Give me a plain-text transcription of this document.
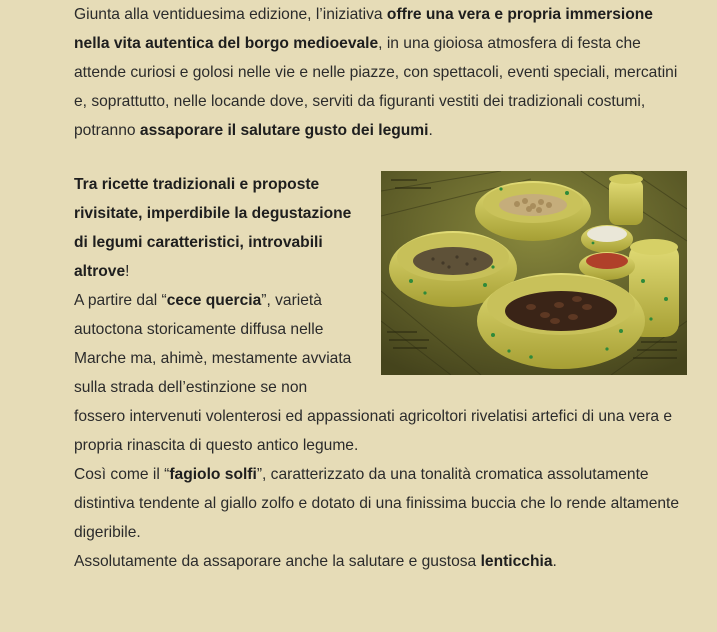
Giunta alla ventiduesima edizione, l’iniziativa offre una vera e propria immersione nella vita autentica del borgo medioevale, in una gioiosa atmosfera di festa che attende curiosi e golosi nelle vie e nelle piazze, con spettacoli, eventi speciali, mercatini e, soprattutto, nelle locande dove, serviti da figuranti vestiti dei tradizionali costumi, potranno assaporare il salutare gusto dei legumi.

Tra ricette tradizionali e proposte rivisitate, imperdibile la degustazione di legumi caratteristici, introvabili altrove!

A partire dal “cece quercia”, varietà autoctona storicamente diffusa nelle Marche ma, ahimè, mestamente avviata sulla strada dell’estinzione se non fossero intervenuti volenterosi ed appassionati agricoltori rivelatisi artefici di una vera e propria rinascita di questo antico legume.

Così come il “fagiolo solfi”, caratterizzato da una tonalità cromatica assolutamente distintiva tendente al giallo zolfo e dotato di una finissima buccia che lo rende altamente digeribile.

Assolutamente da assaporare anche la salutare e gustosa lenticchia.
